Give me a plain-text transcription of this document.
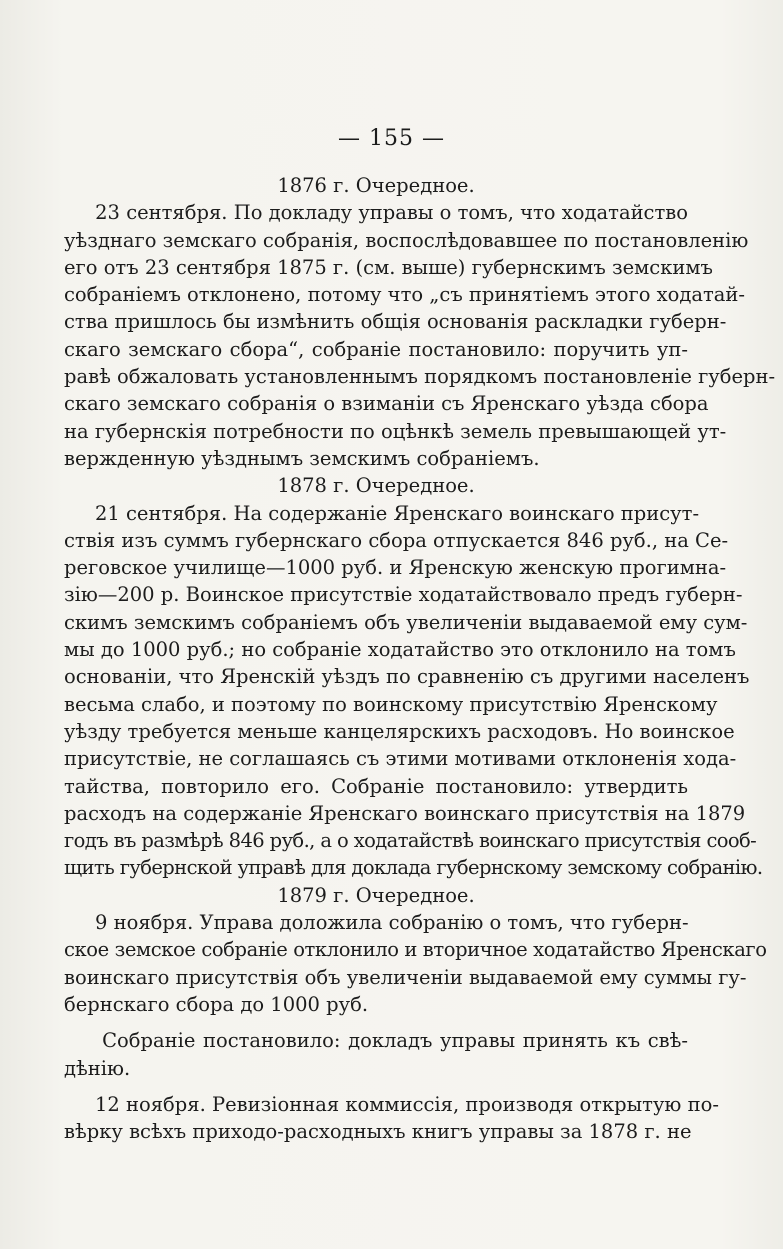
— 155 —

1876 г. Очередное.

23 сентября. По докладу управы о томъ, что ходатайство
уѣзднаго земскаго собранія, воспослѣдовавшее по постановленію
его отъ 23 сентября 1875 г. (см. выше) губернскимъ земскимъ
собраніемъ отклонено, потому что „съ принятіемъ этого ходатай-
ства пришлось бы измѣнить общія основанія раскладки губерн-
скаго земскаго сбора“, собраніе постановило: поручить уп-
равѣ обжаловать установленнымъ порядкомъ постановленіе губерн-
скаго земскаго собранія о взиманіи съ Яренскаго уѣзда сбора
на губернскія потребности по оцѣнкѣ земель превышающей ут-
вержденную уѣзднымъ земскимъ собраніемъ.

1878 г. Очередное.

21 сентября. На содержаніе Яренскаго воинскаго присут-
ствія изъ суммъ губернскаго сбора отпускается 846 руб., на Се-
реговское училище—1000 руб. и Яренскую женскую прогимна-
зію—200 р. Воинское присутствіе ходатайствовало предъ губерн-
скимъ земскимъ собраніемъ объ увеличеніи выдаваемой ему сум-
мы до 1000 руб.; но собраніе ходатайство это отклонило на томъ
основаніи, что Яренскій уѣздъ по сравненію съ другими населенъ
весьма слабо, и поэтому по воинскому присутствію Яренскому
уѣзду требуется меньше канцелярскихъ расходовъ. Но воинское
присутствіе, не соглашаясь съ этими мотивами отклоненія хода-
тайства, повторило его. Собраніе постановило: утвердить
расходъ на содержаніе Яренскаго воинскаго присутствія на 1879
годъ въ размѣрѣ 846 руб., а о ходатайствѣ воинскаго присутствія сооб-
щить губернской управѣ для доклада губернскому земскому собранію.

1879 г. Очередное.

9 ноября. Управа доложила собранію о томъ, что губерн-
ское земское собраніе отклонило и вторичное ходатайство Яренскаго
воинскаго присутствія объ увеличеніи выдаваемой ему суммы гу-
бернскаго сбора до 1000 руб.

Собраніе постановило: докладъ управы принять къ свѣ-
дѣнію.

12 ноября. Ревизіонная коммиссія, производя открытую по-
вѣрку всѣхъ приходо-расходныхъ книгъ управы за 1878 г. не
